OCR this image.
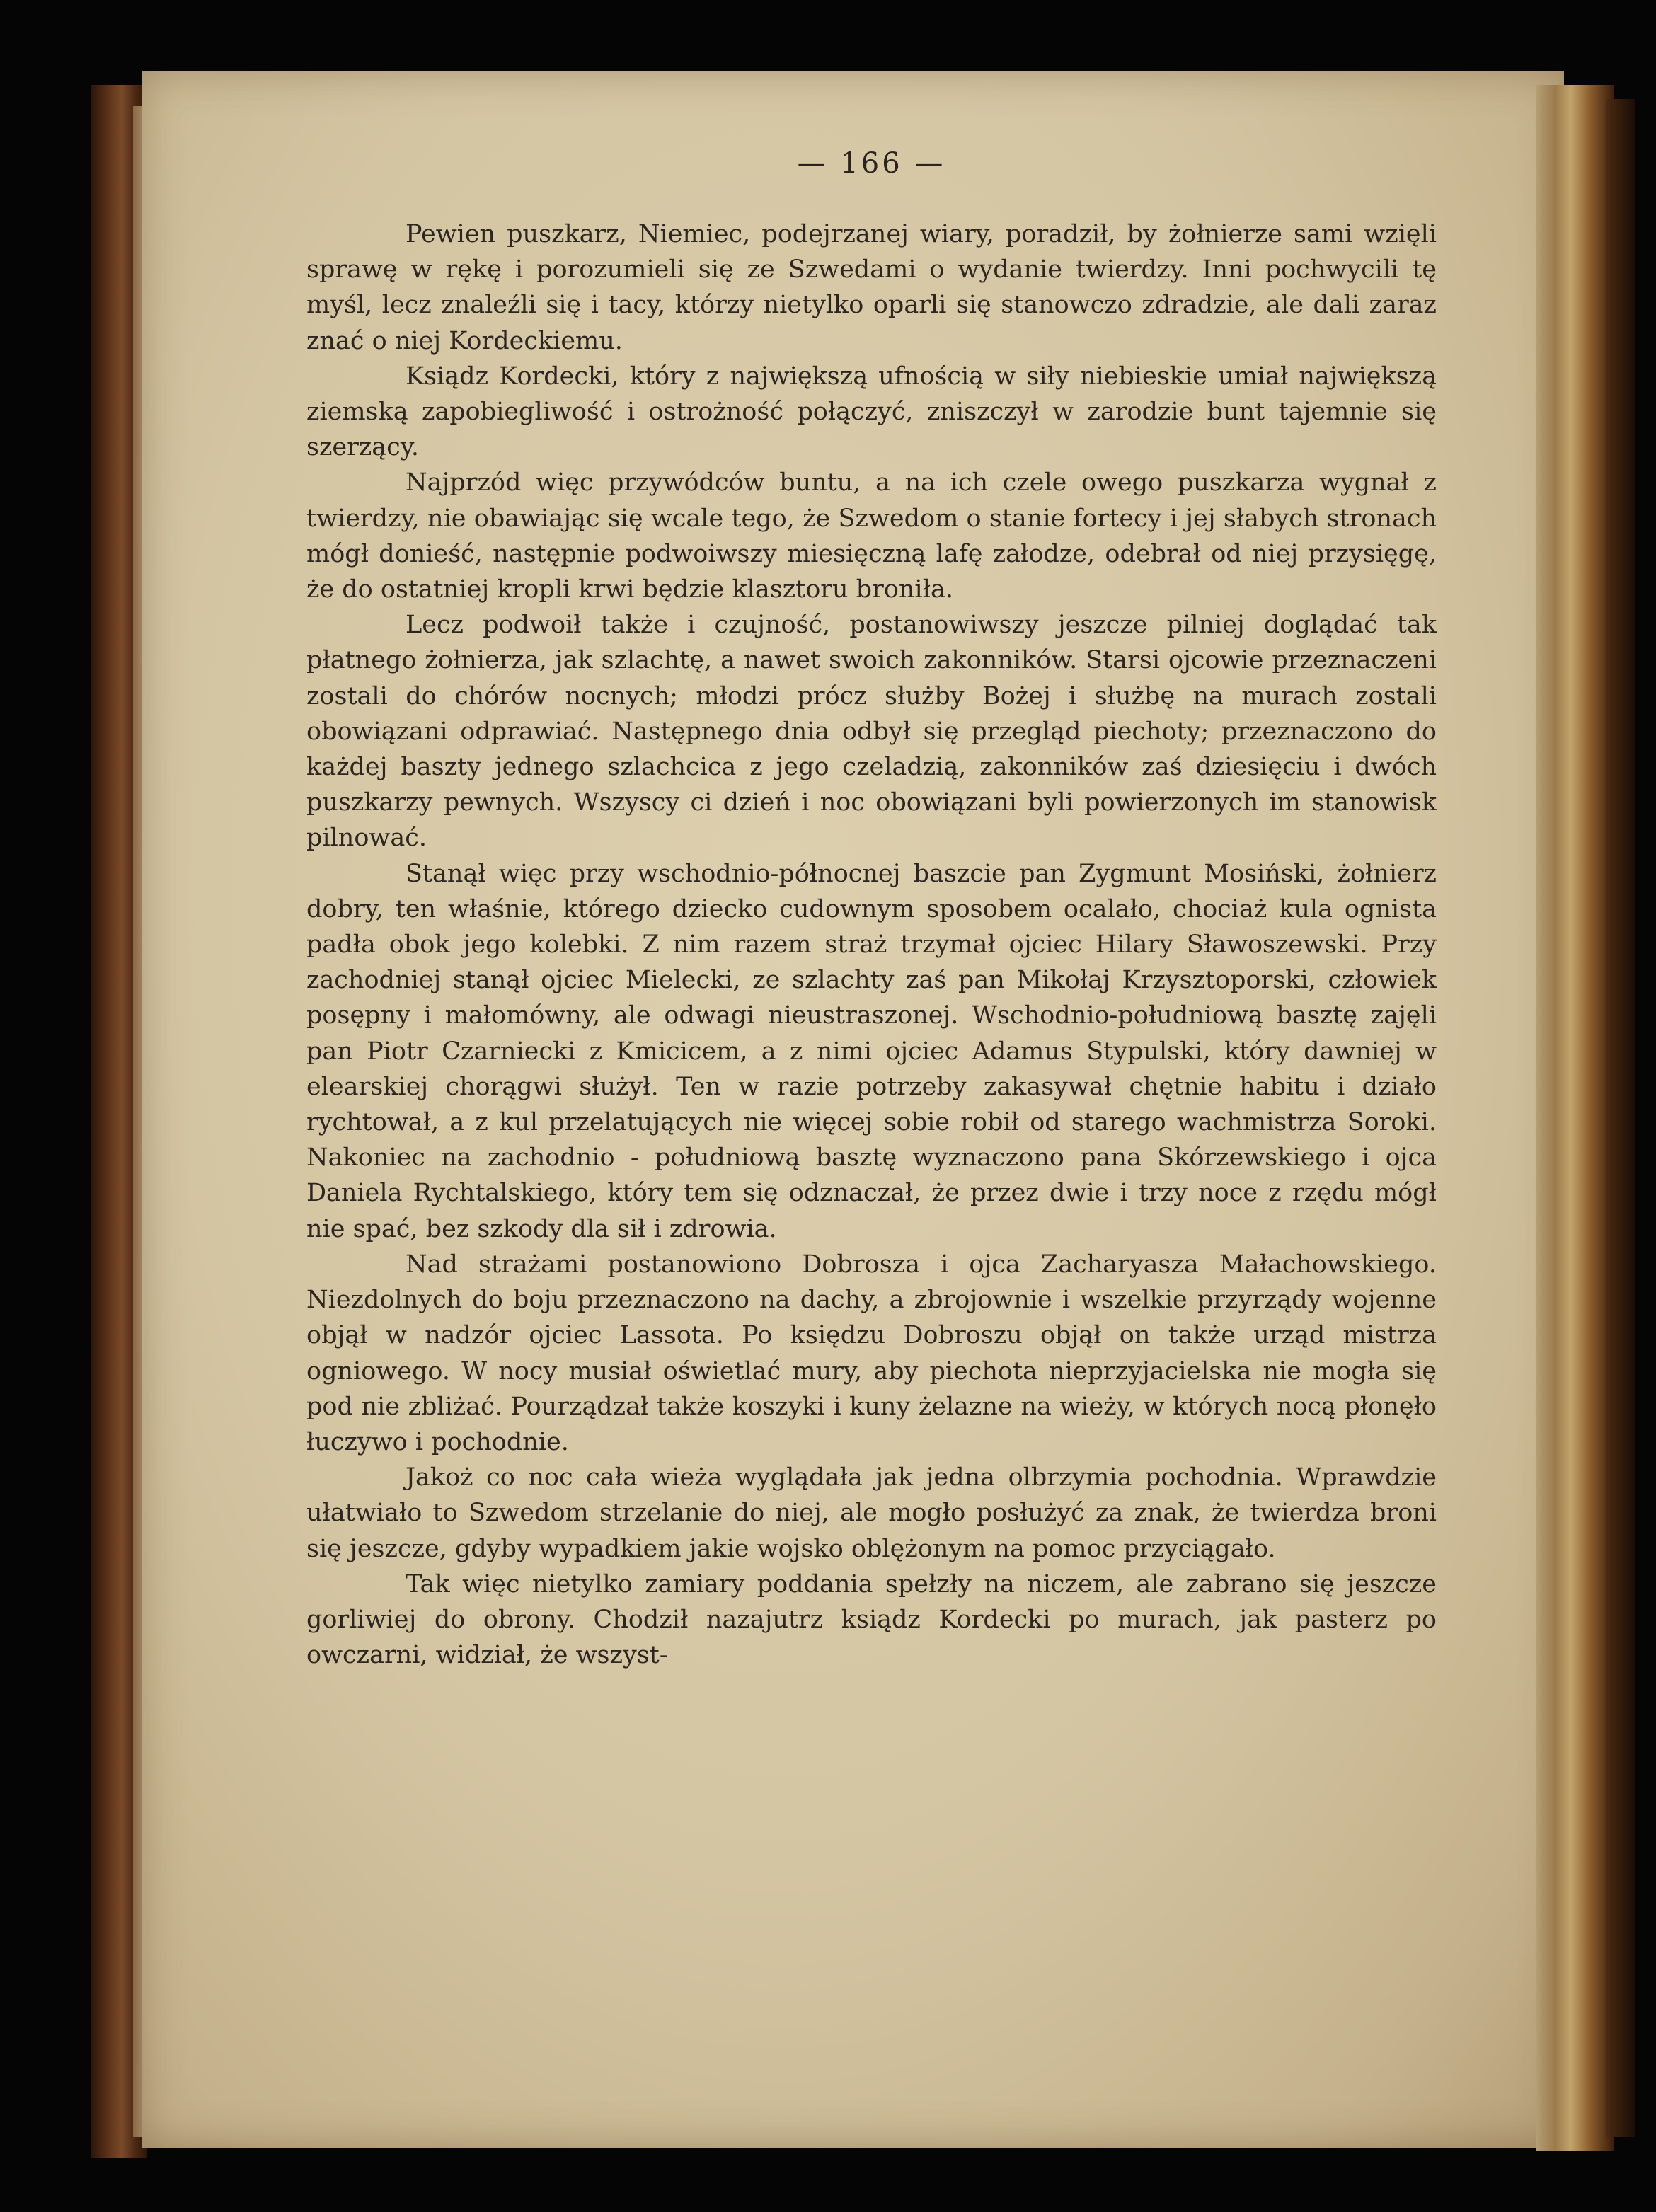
— 166 —

Pewien puszkarz, Niemiec, podejrzanej wiary, poradził, by żołnierze sami wzięli sprawę w rękę i porozumieli się ze Szwedami o wydanie twierdzy. Inni pochwycili tę myśl, lecz znaleźli się i tacy, którzy nietylko oparli się stanowczo zdradzie, ale dali zaraz znać o niej Kordeckiemu.

Ksiądz Kordecki, który z największą ufnością w siły niebieskie umiał największą ziemską zapobiegliwość i ostrożność połączyć, zniszczył w zarodzie bunt tajemnie się szerzący.

Najprzód więc przywódców buntu, a na ich czele owego puszkarza wygnał z twierdzy, nie obawiając się wcale tego, że Szwedom o stanie fortecy i jej słabych stronach mógł donieść, następnie podwoiwszy miesięczną lafę załodze, odebrał od niej przysięgę, że do ostatniej kropli krwi będzie klasztoru broniła.

Lecz podwoił także i czujność, postanowiwszy jeszcze pilniej doglądać tak płatnego żołnierza, jak szlachtę, a nawet swoich zakonników. Starsi ojcowie przeznaczeni zostali do chórów nocnych; młodzi prócz służby Bożej i służbę na murach zostali obowiązani odprawiać. Następnego dnia odbył się przegląd piechoty; przeznaczono do każdej baszty jednego szlachcica z jego czeladzią, zakonników zaś dziesięciu i dwóch puszkarzy pewnych. Wszyscy ci dzień i noc obowiązani byli powierzonych im stanowisk pilnować.

Stanął więc przy wschodnio-północnej baszcie pan Zygmunt Mosiński, żołnierz dobry, ten właśnie, którego dziecko cudownym sposobem ocalało, chociaż kula ognista padła obok jego kolebki. Z nim razem straż trzymał ojciec Hilary Sławoszewski. Przy zachodniej stanął ojciec Mielecki, ze szlachty zaś pan Mikołaj Krzysztoporski, człowiek posępny i małomówny, ale odwagi nieustraszonej. Wschodnio-południową basztę zajęli pan Piotr Czarniecki z Kmicicem, a z nimi ojciec Adamus Stypulski, który dawniej w elearskiej chorągwi służył. Ten w razie potrzeby zakasywał chętnie habitu i działo rychtował, a z kul przelatujących nie więcej sobie robił od starego wachmistrza Soroki. Nakoniec na zachodnio - południową basztę wyznaczono pana Skórzewskiego i ojca Daniela Rychtalskiego, który tem się odznaczał, że przez dwie i trzy noce z rzędu mógł nie spać, bez szkody dla sił i zdrowia.

Nad strażami postanowiono Dobrosza i ojca Zacharyasza Małachowskiego. Niezdolnych do boju przeznaczono na dachy, a zbrojownie i wszelkie przyrządy wojenne objął w nadzór ojciec Lassota. Po księdzu Dobroszu objął on także urząd mistrza ogniowego. W nocy musiał oświetlać mury, aby piechota nieprzyjacielska nie mogła się pod nie zbliżać. Pourządzał także koszyki i kuny żelazne na wieży, w których nocą płonęło łuczywo i pochodnie.

Jakoż co noc cała wieża wyglądała jak jedna olbrzymia pochodnia. Wprawdzie ułatwiało to Szwedom strzelanie do niej, ale mogło posłużyć za znak, że twierdza broni się jeszcze, gdyby wypadkiem jakie wojsko oblężonym na pomoc przyciągało.

Tak więc nietylko zamiary poddania spełzły na niczem, ale zabrano się jeszcze gorliwiej do obrony. Chodził nazajutrz ksiądz Kordecki po murach, jak pasterz po owczarni, widział, że wszyst-
